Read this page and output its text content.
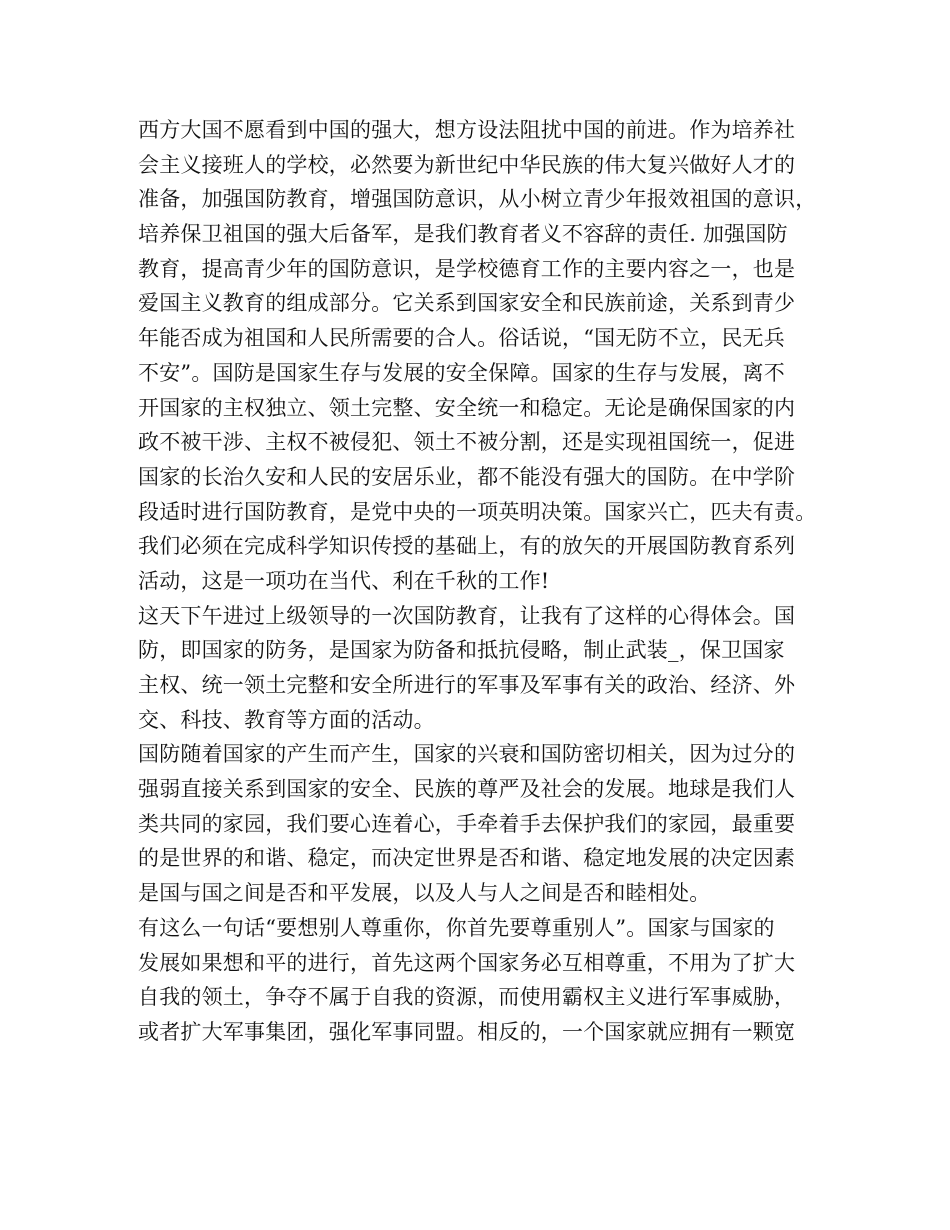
西方大国不愿看到中国的强大，想方设法阻扰中国的前进。作为培养社
会主义接班人的学校，必然要为新世纪中华民族的伟大复兴做好人才的
准备，加强国防教育，增强国防意识，从小树立青少年报效祖国的意识，
培养保卫祖国的强大后备军，是我们教育者义不容辞的责任. 加强国防
教育，提高青少年的国防意识，是学校德育工作的主要内容之一，也是
爱国主义教育的组成部分。它关系到国家安全和民族前途，关系到青少
年能否成为祖国和人民所需要的合人。俗话说，“国无防不立，民无兵
不安”。国防是国家生存与发展的安全保障。国家的生存与发展，离不
开国家的主权独立、领土完整、安全统一和稳定。无论是确保国家的内
政不被干涉、主权不被侵犯、领土不被分割，还是实现祖国统一，促进
国家的长治久安和人民的安居乐业，都不能没有强大的国防。在中学阶
段适时进行国防教育，是党中央的一项英明决策。国家兴亡，匹夫有责。
我们必须在完成科学知识传授的基础上，有的放矢的开展国防教育系列
活动，这是一项功在当代、利在千秋的工作!
这天下午进过上级领导的一次国防教育，让我有了这样的心得体会。国
防，即国家的防务，是国家为防备和抵抗侵略，制止武装_，保卫国家
主权、统一领土完整和安全所进行的军事及军事有关的政治、经济、外
交、科技、教育等方面的活动。
国防随着国家的产生而产生，国家的兴衰和国防密切相关，因为过分的
强弱直接关系到国家的安全、民族的尊严及社会的发展。地球是我们人
类共同的家园，我们要心连着心，手牵着手去保护我们的家园，最重要
的是世界的和谐、稳定，而决定世界是否和谐、稳定地发展的决定因素
是国与国之间是否和平发展，以及人与人之间是否和睦相处。
有这么一句话“要想别人尊重你，你首先要尊重别人”。国家与国家的
发展如果想和平的进行，首先这两个国家务必互相尊重，不用为了扩大
自我的领土，争夺不属于自我的资源，而使用霸权主义进行军事威胁，
或者扩大军事集团，强化军事同盟。相反的，一个国家就应拥有一颗宽
